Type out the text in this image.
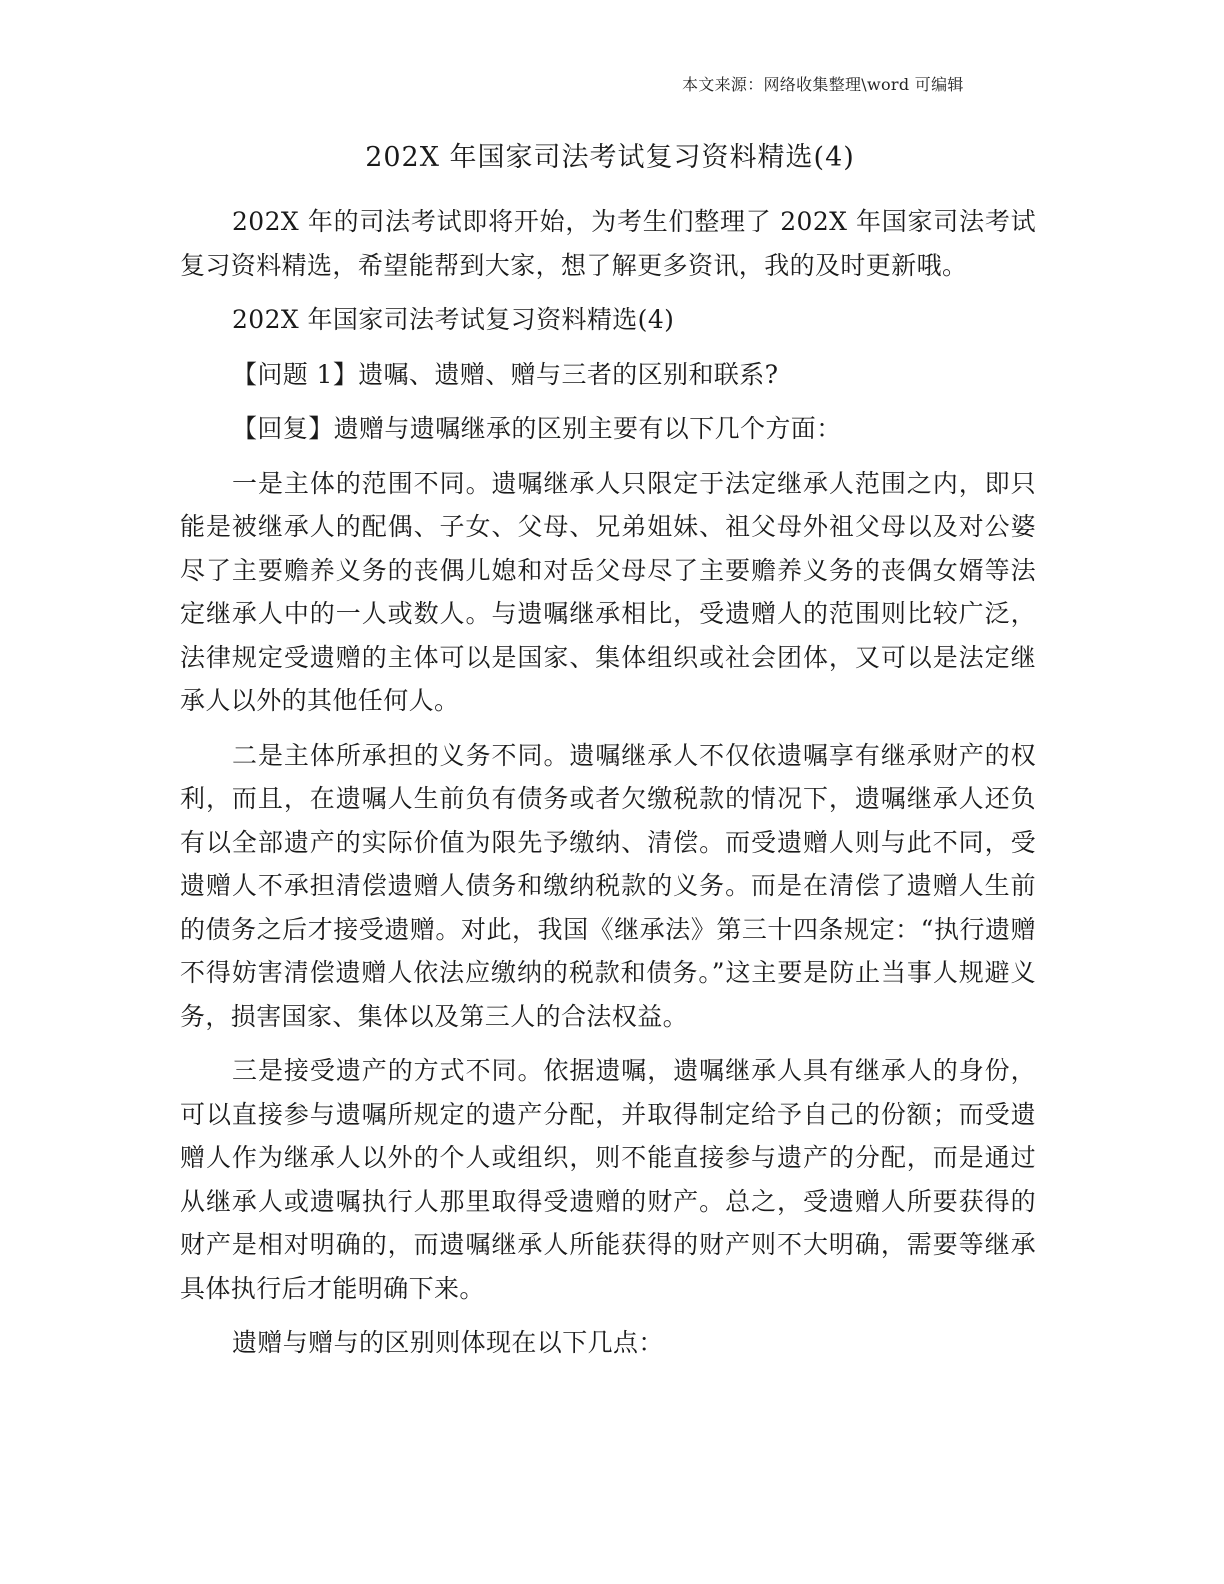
本文来源：网络收集整理\word 可编辑
202X 年国家司法考试复习资料精选(4)

202X 年的司法考试即将开始，为考生们整理了 202X 年国家司法考试复习资料精选，希望能帮到大家，想了解更多资讯，我的及时更新哦。

202X 年国家司法考试复习资料精选(4)

【问题 1】遗嘱、遗赠、赠与三者的区别和联系?

【回复】遗赠与遗嘱继承的区别主要有以下几个方面：

一是主体的范围不同。遗嘱继承人只限定于法定继承人范围之内，即只能是被继承人的配偶、子女、父母、兄弟姐妹、祖父母外祖父母以及对公婆尽了主要赡养义务的丧偶儿媳和对岳父母尽了主要赡养义务的丧偶女婿等法定继承人中的一人或数人。与遗嘱继承相比，受遗赠人的范围则比较广泛，法律规定受遗赠的主体可以是国家、集体组织或社会团体，又可以是法定继承人以外的其他任何人。

二是主体所承担的义务不同。遗嘱继承人不仅依遗嘱享有继承财产的权利，而且，在遗嘱人生前负有债务或者欠缴税款的情况下，遗嘱继承人还负有以全部遗产的实际价值为限先予缴纳、清偿。而受遗赠人则与此不同，受遗赠人不承担清偿遗赠人债务和缴纳税款的义务。而是在清偿了遗赠人生前的债务之后才接受遗赠。对此，我国《继承法》第三十四条规定：“执行遗赠不得妨害清偿遗赠人依法应缴纳的税款和债务。”这主要是防止当事人规避义务，损害国家、集体以及第三人的合法权益。

三是接受遗产的方式不同。依据遗嘱，遗嘱继承人具有继承人的身份，可以直接参与遗嘱所规定的遗产分配，并取得制定给予自己的份额；而受遗赠人作为继承人以外的个人或组织，则不能直接参与遗产的分配，而是通过从继承人或遗嘱执行人那里取得受遗赠的财产。总之，受遗赠人所要获得的财产是相对明确的，而遗嘱继承人所能获得的财产则不大明确，需要等继承具体执行后才能明确下来。

遗赠与赠与的区别则体现在以下几点：
